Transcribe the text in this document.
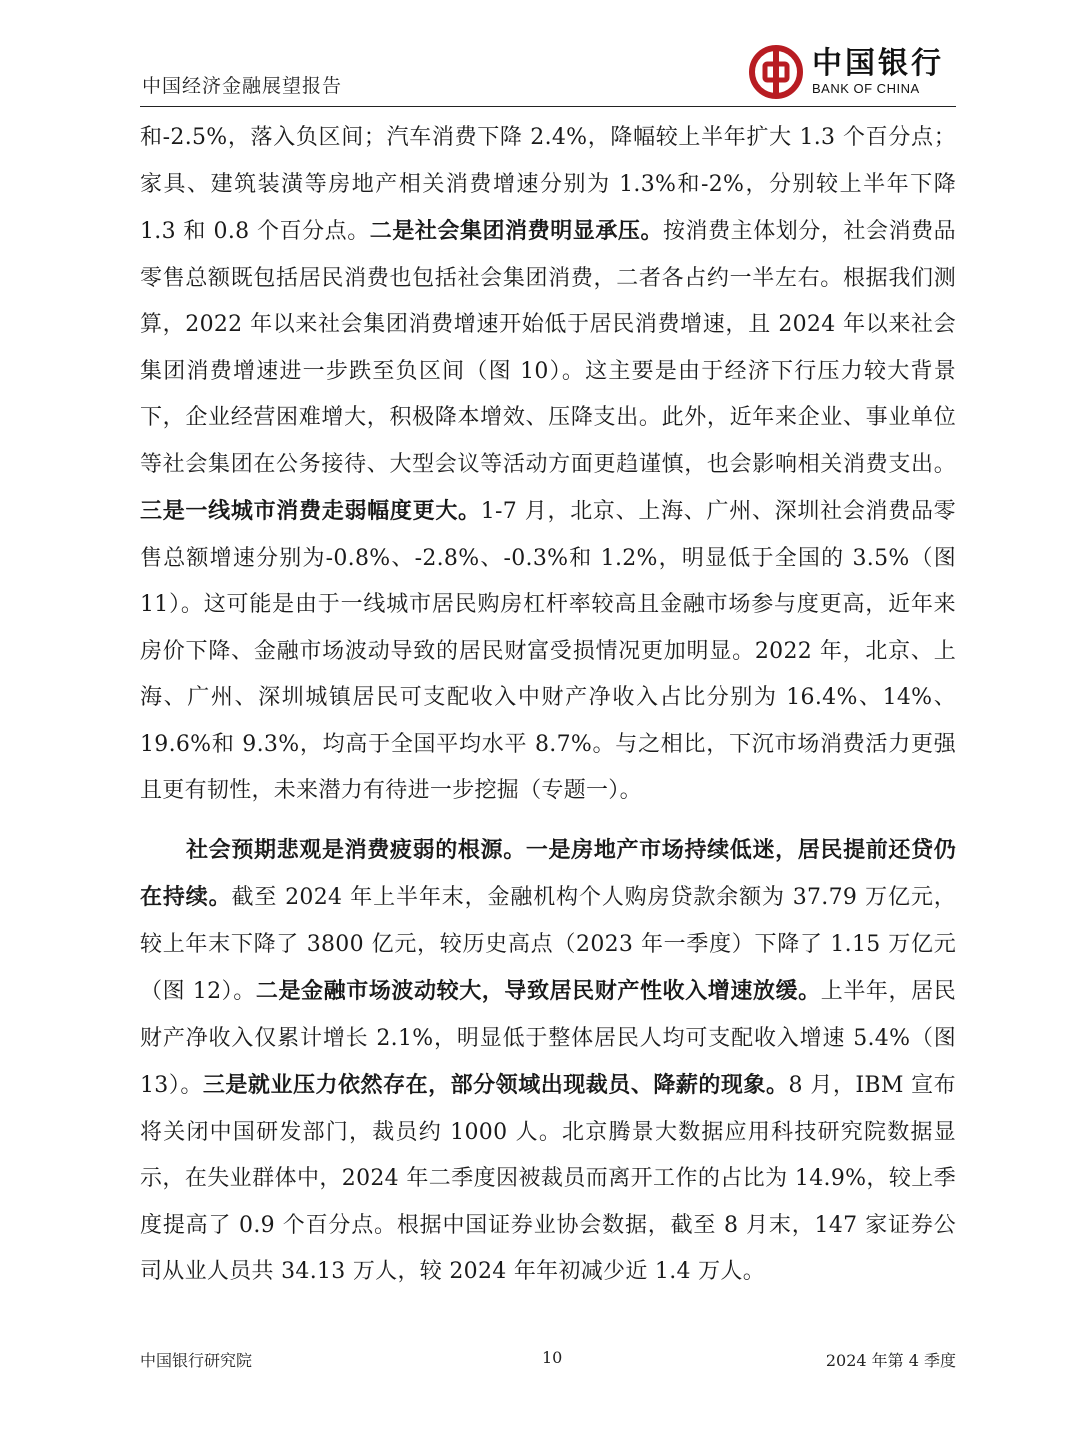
中国经济金融展望报告
中国银行
BANK OF CHINA

和-2.5%，落入负区间；汽车消费下降 2.4%，降幅较上半年扩大 1.3 个百分点；家具、建筑装潢等房地产相关消费增速分别为 1.3%和-2%，分别较上半年下降 1.3 和 0.8 个百分点。二是社会集团消费明显承压。按消费主体划分，社会消费品零售总额既包括居民消费也包括社会集团消费，二者各占约一半左右。根据我们测算，2022 年以来社会集团消费增速开始低于居民消费增速，且 2024 年以来社会集团消费增速进一步跌至负区间（图 10）。这主要是由于经济下行压力较大背景下，企业经营困难增大，积极降本增效、压降支出。此外，近年来企业、事业单位等社会集团在公务接待、大型会议等活动方面更趋谨慎，也会影响相关消费支出。三是一线城市消费走弱幅度更大。1-7 月，北京、上海、广州、深圳社会消费品零售总额增速分别为-0.8%、-2.8%、-0.3%和 1.2%，明显低于全国的 3.5%（图 11）。这可能是由于一线城市居民购房杠杆率较高且金融市场参与度更高，近年来房价下降、金融市场波动导致的居民财富受损情况更加明显。2022 年，北京、上海、广州、深圳城镇居民可支配收入中财产净收入占比分别为 16.4%、14%、19.6%和 9.3%，均高于全国平均水平 8.7%。与之相比，下沉市场消费活力更强且更有韧性，未来潜力有待进一步挖掘（专题一）。

社会预期悲观是消费疲弱的根源。一是房地产市场持续低迷，居民提前还贷仍在持续。截至 2024 年上半年末，金融机构个人购房贷款余额为 37.79 万亿元，较上年末下降了 3800 亿元，较历史高点（2023 年一季度）下降了 1.15 万亿元（图 12）。二是金融市场波动较大，导致居民财产性收入增速放缓。上半年，居民财产净收入仅累计增长 2.1%，明显低于整体居民人均可支配收入增速 5.4%（图 13）。三是就业压力依然存在，部分领域出现裁员、降薪的现象。8 月，IBM 宣布将关闭中国研发部门，裁员约 1000 人。北京腾景大数据应用科技研究院数据显示，在失业群体中，2024 年二季度因被裁员而离开工作的占比为 14.9%，较上季度提高了 0.9 个百分点。根据中国证券业协会数据，截至 8 月末，147 家证券公司从业人员共 34.13 万人，较 2024 年年初减少近 1.4 万人。

中国银行研究院	10	2024 年第 4 季度
